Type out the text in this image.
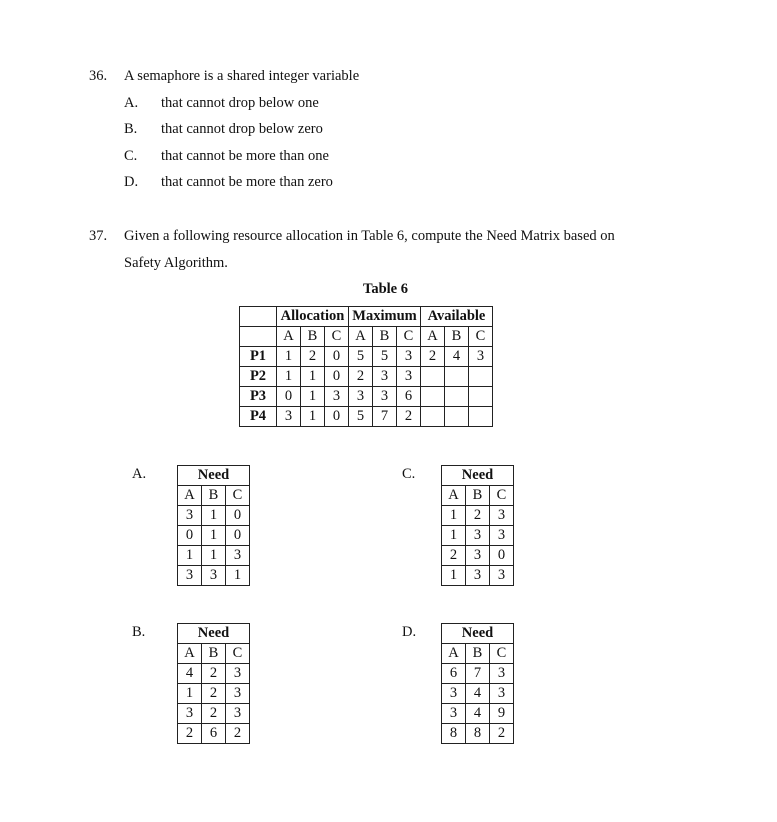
36. A semaphore is a shared integer variable
A. that cannot drop below one
B. that cannot drop below zero
C. that cannot be more than one
D. that cannot be more than zero
37. Given a following resource allocation in Table 6, compute the Need Matrix based on
Safety Algorithm.
Table 6
	Allocation			Maximum			Available		
	A	B	C	A	B	C	A	B	C
P1	1	2	0	5	5	3	2	4	3
P2	1	1	0	2	3	3			
P3	0	1	3	3	3	6			
P4	3	1	0	5	7	2			
A.	Need		
A	B	C
3	1	0
0	1	0
1	1	3
3	3	1
C.	Need		
A	B	C
1	2	3
1	3	3
2	3	0
1	3	3
B.	Need		
A	B	C
4	2	3
1	2	3
3	2	3
2	6	2
D.	Need		
A	B	C
6	7	3
3	4	3
3	4	9
8	8	2
